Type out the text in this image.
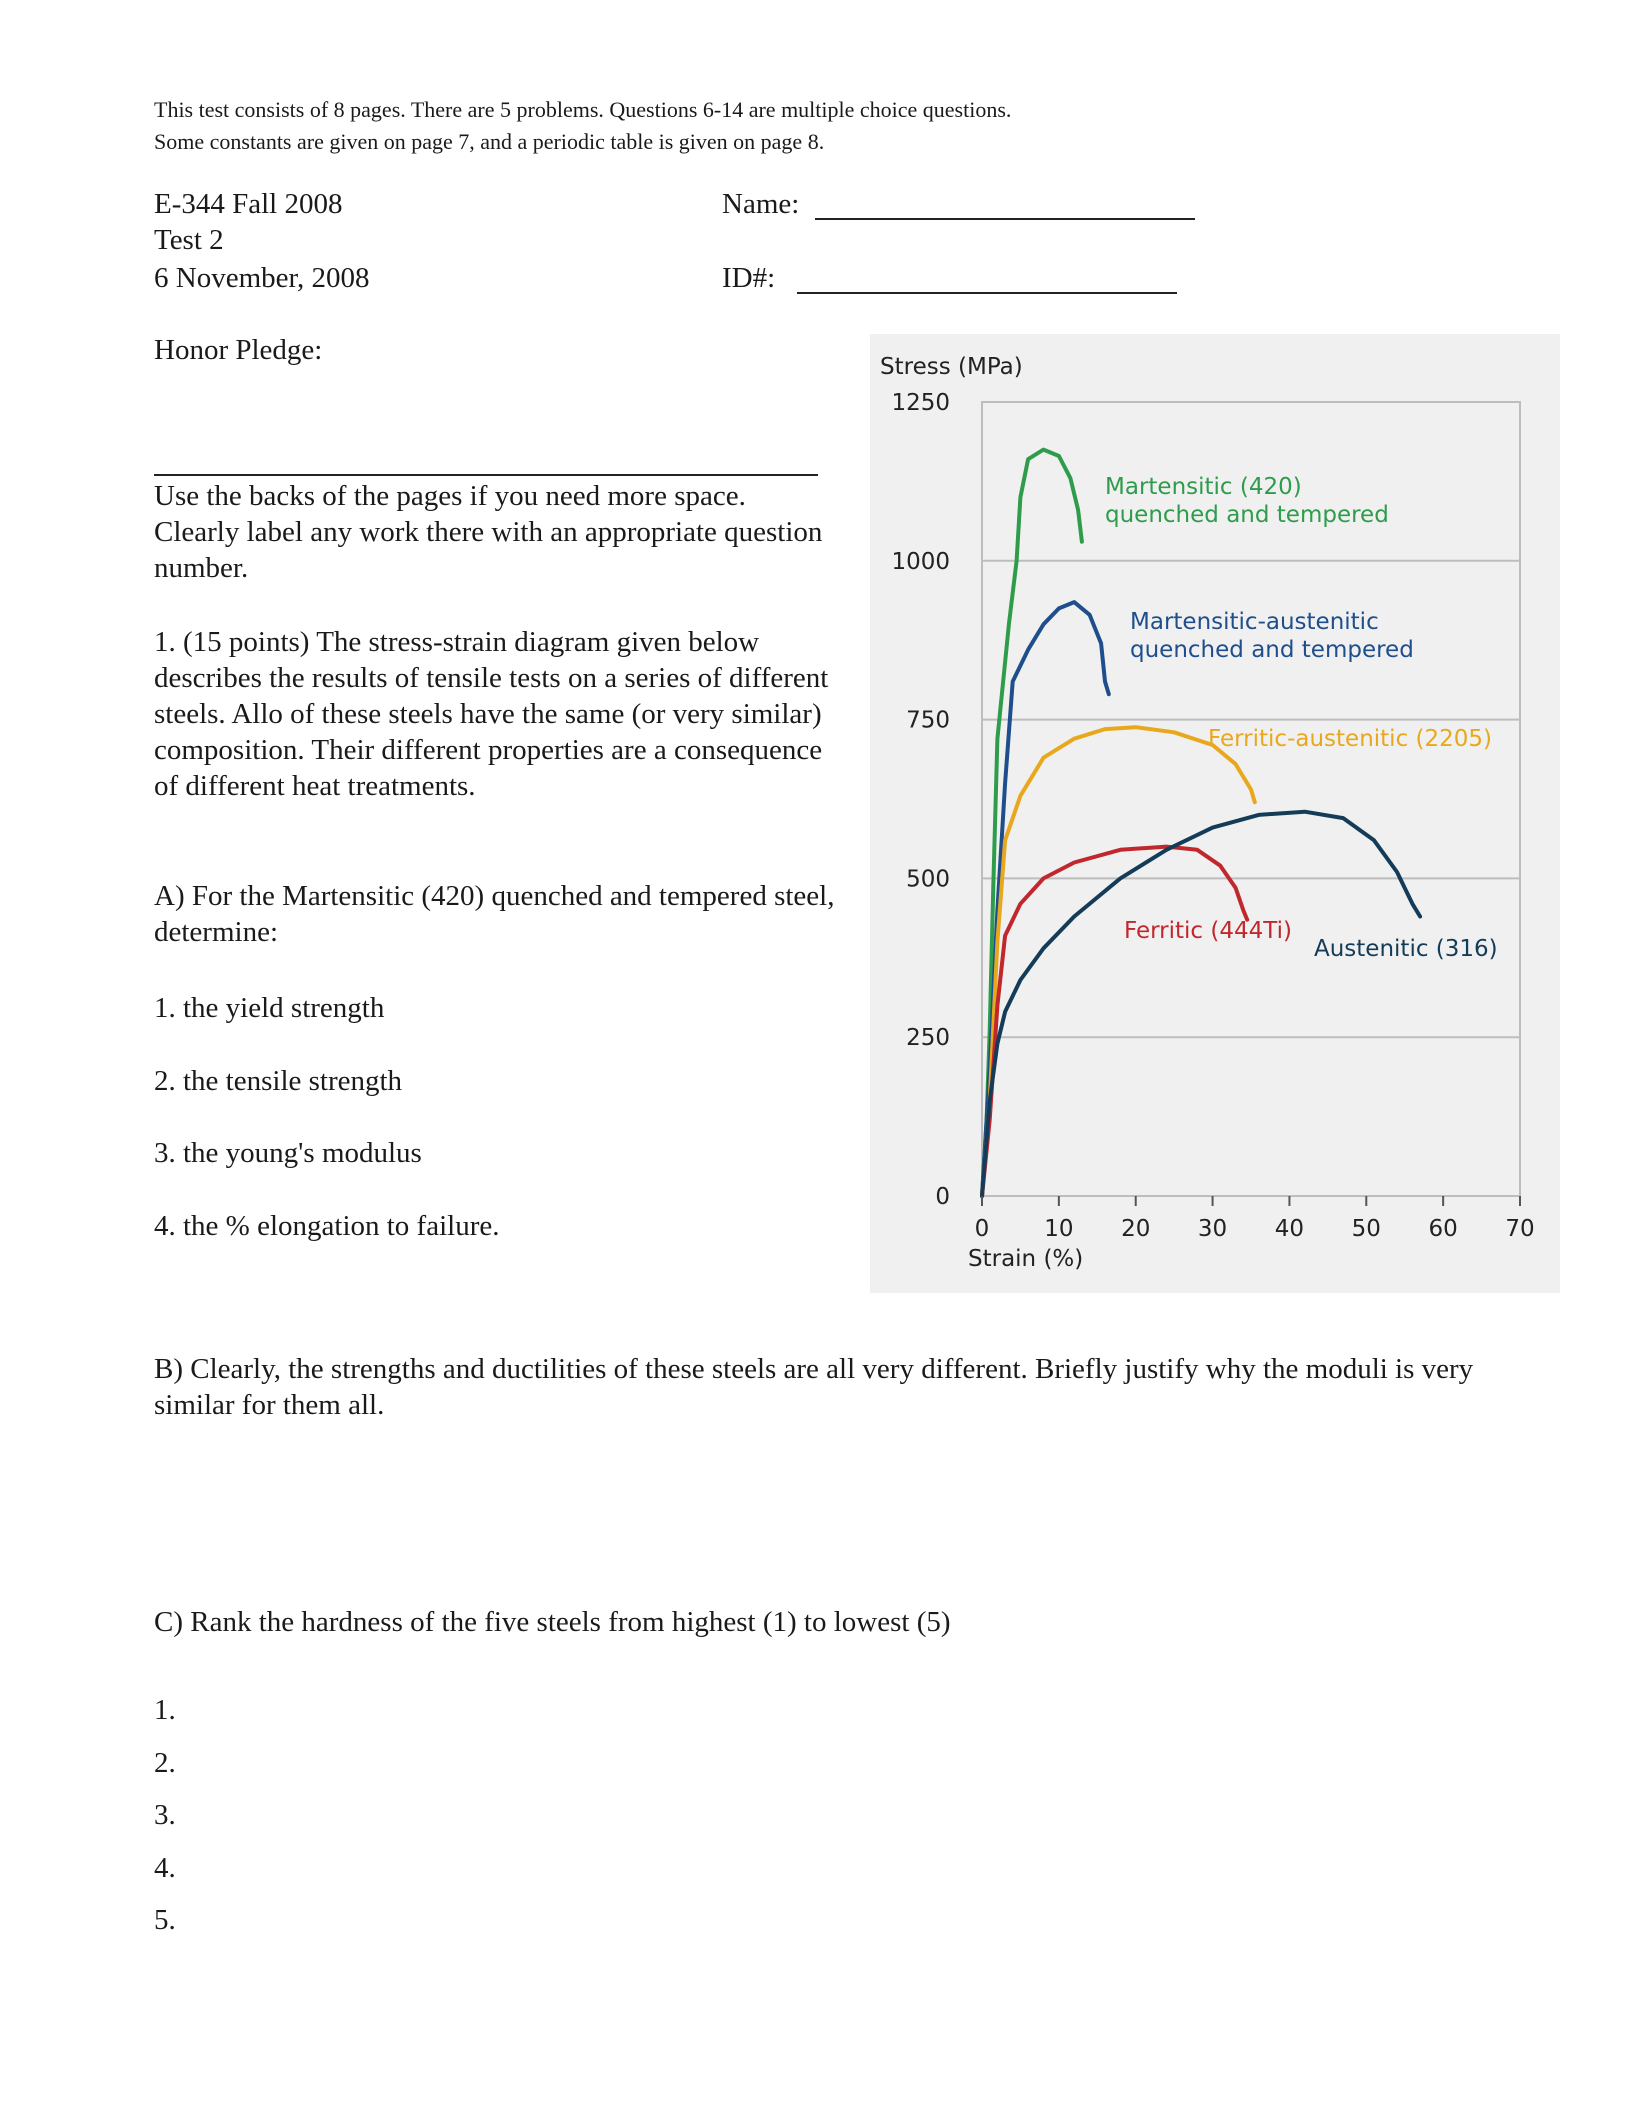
This test consists of 8 pages. There are 5 problems. Questions 6-14 are multiple choice questions.
Some constants are given on page 7, and a periodic table is given on page 8.
E-344 Fall 2008
Test 2
6 November, 2008
Name:
ID#:
Honor Pledge:
Use the backs of the pages if you need more space. Clearly label any work there with an appropriate question number.
1. (15 points) The stress-strain diagram given below describes the results of tensile tests on a series of different steels. Allo of these steels have the same (or very similar) composition. Their different properties are a consequence of different heat treatments.
A) For the Martensitic (420) quenched and tempered steel, determine:
1. the yield strength
2. the tensile strength
3. the young's modulus
4. the % elongation to failure.
0
250
500
750
1000
1250
0 10 20 30 40 50 60 70
Martensitic (420)
quenched and tempered
Martensitic-austenitic
quenched and tempered
Ferritic-austenitic (2205)
Ferritic (444Ti)
Austenitic (316)
Stress (MPa)
Strain (%)
B) Clearly, the strengths and ductilities of these steels are all very different. Briefly justify why the moduli is very similar for them all.
C) Rank the hardness of the five steels from highest (1) to lowest (5)
1.
2.
3.
4.
5.
